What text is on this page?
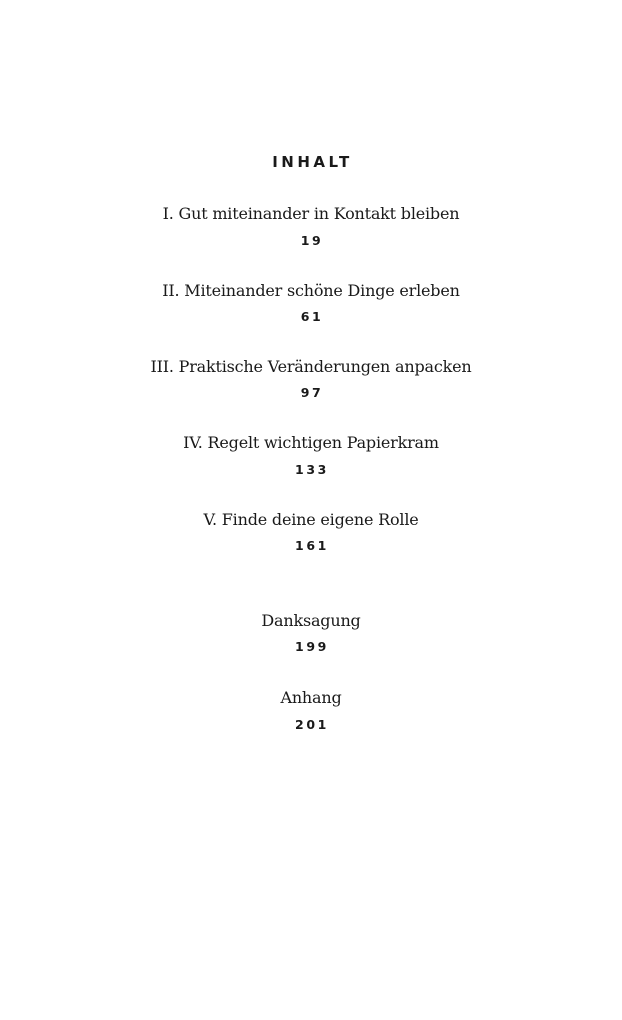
INHALT
I. Gut miteinander in Kontakt bleiben
19
II. Miteinander schöne Dinge erleben
61
III. Praktische Veränderungen anpacken
97
IV. Regelt wichtigen Papierkram
133
V. Finde deine eigene Rolle
161
Danksagung
199
Anhang
201
